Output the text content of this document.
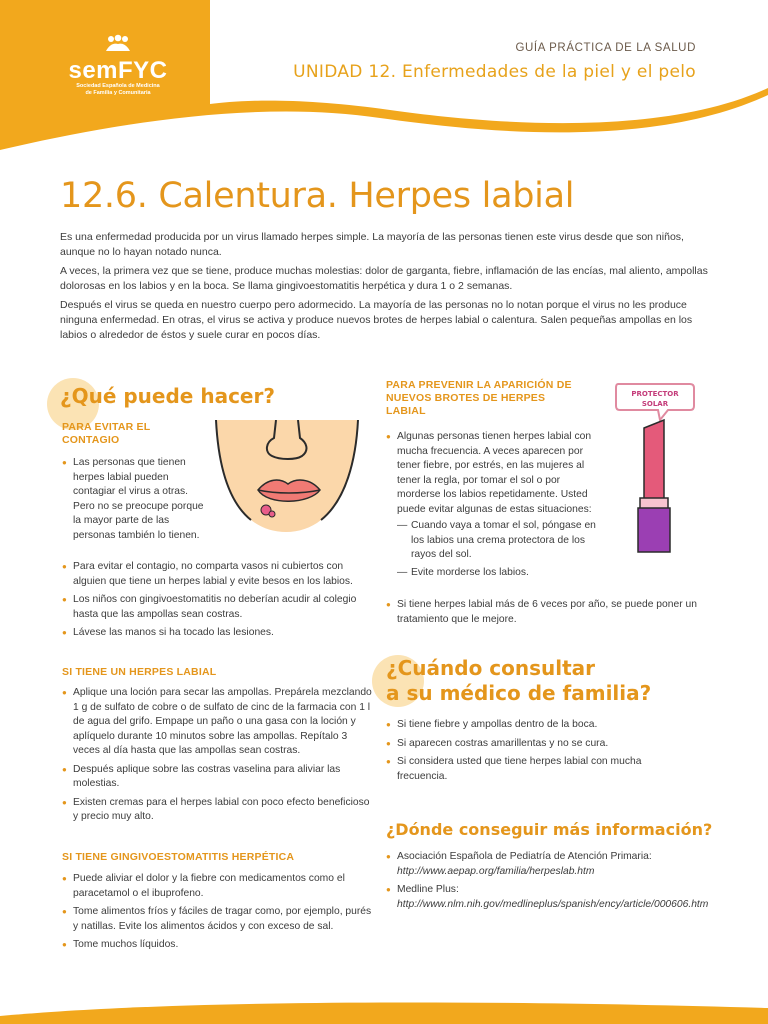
semFYC
Sociedad Española de Medicina
de Familia y Comunitaria
GUÍA PRÁCTICA DE LA SALUD
UNIDAD 12. Enfermedades de la piel y el pelo
12.6. Calentura. Herpes labial

Es una enfermedad producida por un virus llamado herpes simple. La mayoría de las personas tienen este virus desde que son niños, aunque no lo hayan notado nunca.

A veces, la primera vez que se tiene, produce muchas molestias: dolor de garganta, fiebre, inflamación de las encías, mal aliento, ampollas dolorosas en los labios y en la boca. Se llama gingivoestomatitis herpética y dura 1 o 2 semanas.

Después el virus se queda en nuestro cuerpo pero adormecido. La mayoría de las personas no lo notan porque el virus no les produce ninguna enfermedad. En otras, el virus se activa y produce nuevos brotes de herpes labial o calentura. Salen pequeñas ampollas en los labios o alrededor de éstos y suele curar en pocos días.

¿Qué puede hacer?
PARA EVITAR EL CONTAGIO
● Las personas que tienen herpes labial pueden contagiar el virus a otras. Pero no se preocupe porque la mayor parte de las personas también lo tienen.
● Para evitar el contagio, no comparta vasos ni cubiertos con alguien que tiene un herpes labial y evite besos en los labios.
● Los niños con gingivoestomatitis no deberían acudir al colegio hasta que las ampollas sean costras.
● Lávese las manos si ha tocado las lesiones.
SI TIENE UN HERPES LABIAL
● Aplique una loción para secar las ampollas. Prepárela mezclando 1 g de sulfato de cobre o de sulfato de cinc de la farmacia con 1 l de agua del grifo. Empape un paño o una gasa con la loción y aplíquelo durante 10 minutos sobre las ampollas. Repítalo 3 veces al día hasta que las ampollas sean costras.
● Después aplique sobre las costras vaselina para aliviar las molestias.
● Existen cremas para el herpes labial con poco efecto beneficioso y precio muy alto.
SI TIENE GINGIVOESTOMATITIS HERPÉTICA
● Puede aliviar el dolor y la fiebre con medicamentos como el paracetamol o el ibuprofeno.
● Tome alimentos fríos y fáciles de tragar como, por ejemplo, purés y natillas. Evite los alimentos ácidos y con exceso de sal.
● Tome muchos líquidos.
PARA PREVENIR LA APARICIÓN DE NUEVOS BROTES DE HERPES LABIAL
● Algunas personas tienen herpes labial con mucha frecuencia. A veces aparecen por tener fiebre, por estrés, en las mujeres al tener la regla, por tomar el sol o por morderse los labios repetidamente. Usted puede evitar algunas de estas situaciones:
— Cuando vaya a tomar el sol, póngase en los labios una crema protectora de los rayos del sol.
— Evite morderse los labios.
● Si tiene herpes labial más de 6 veces por año, se puede poner un tratamiento que le mejore.
PROTECTOR
SOLAR
¿Cuándo consultar
a su médico de familia?
● Si tiene fiebre y ampollas dentro de la boca.
● Si aparecen costras amarillentas y no se cura.
● Si considera usted que tiene herpes labial con mucha frecuencia.
¿Dónde conseguir más información?
● Asociación Española de Pediatría de Atención Primaria: http://www.aepap.org/familia/herpeslab.htm
● Medline Plus: http://www.nlm.nih.gov/medlineplus/spanish/ency/article/000606.htm
